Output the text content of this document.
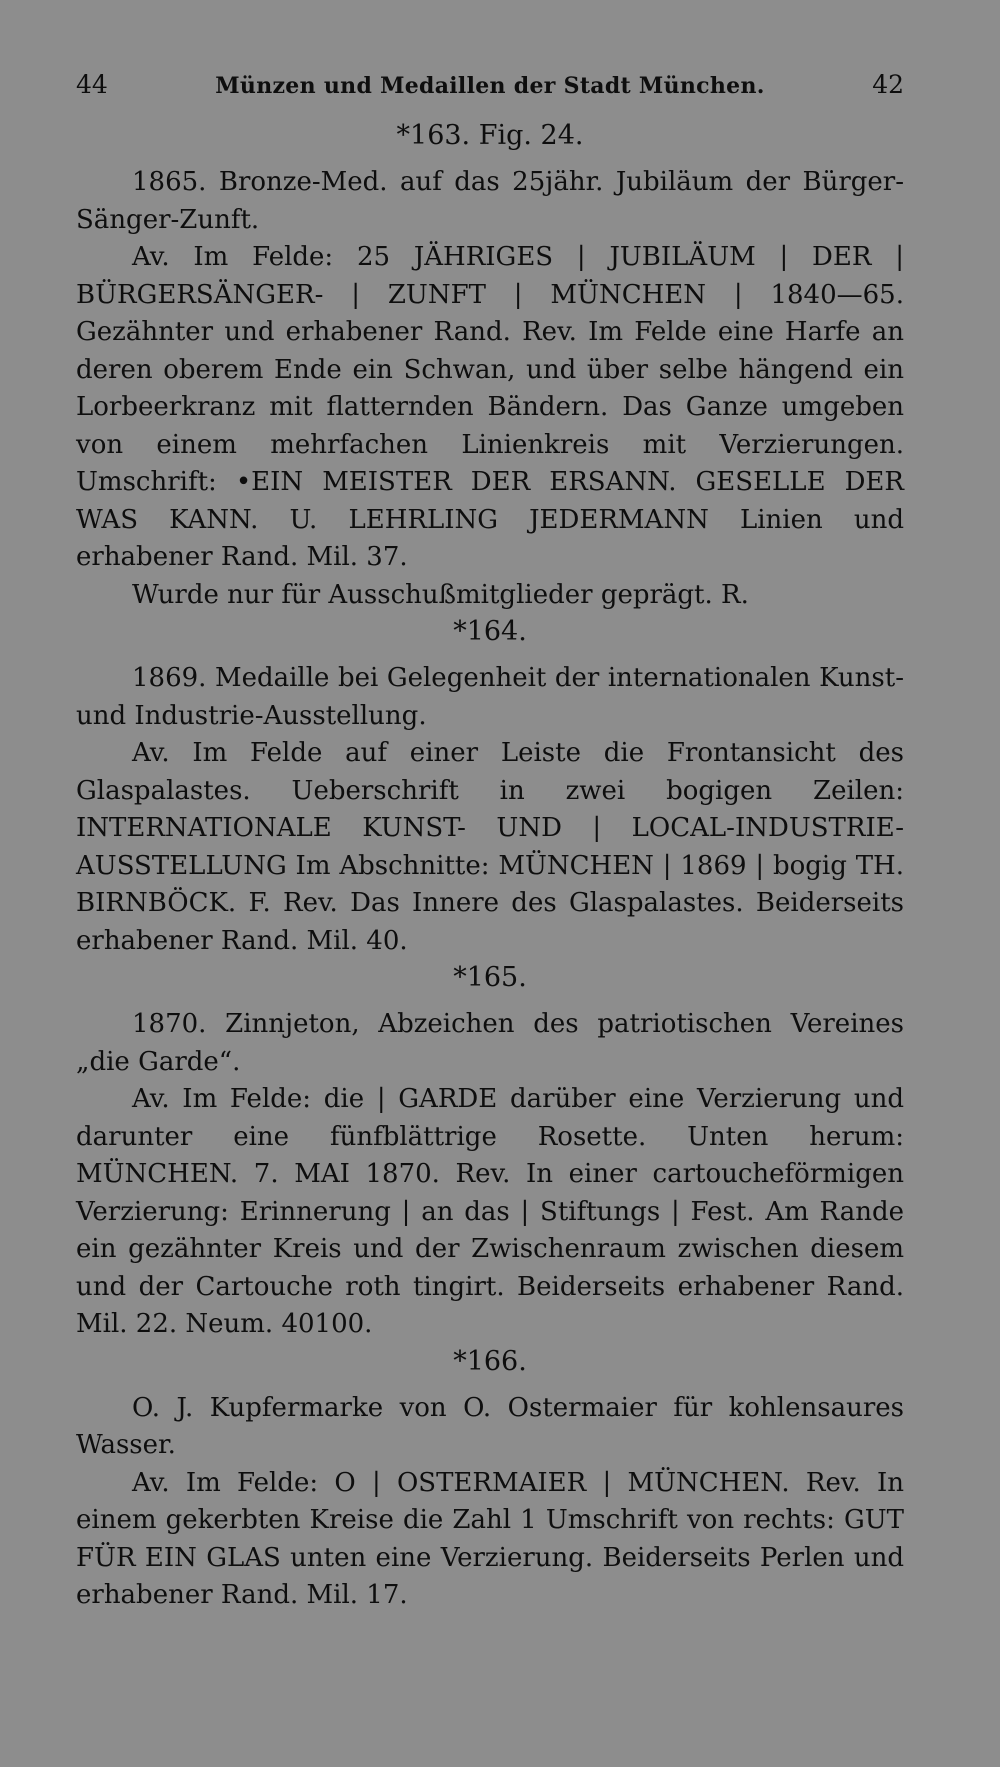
44	Münzen und Medaillen der Stadt München.	42
*163. Fig. 24.

1865. Bronze-Med. auf das 25jähr. Jubiläum der Bürger-Sänger-Zunft.

Av. Im Felde: 25 JÄHRIGES | JUBILÄUM | DER | BÜRGERSÄNGER- | ZUNFT | MÜNCHEN | 1840—65. Gezähnter und erhabener Rand. Rev. Im Felde eine Harfe an deren oberem Ende ein Schwan, und über selbe hängend ein Lorbeerkranz mit flatternden Bändern. Das Ganze umgeben von einem mehrfachen Linienkreis mit Verzierungen. Umschrift: •EIN MEISTER DER ERSANN. GESELLE DER WAS KANN. U. LEHRLING JEDERMANN Linien und erhabener Rand. Mil. 37.

Wurde nur für Ausschußmitglieder geprägt. R.

*164.

1869. Medaille bei Gelegenheit der internationalen Kunst- und Industrie-Ausstellung.

Av. Im Felde auf einer Leiste die Frontansicht des Glaspalastes. Ueberschrift in zwei bogigen Zeilen: INTERNATIONALE KUNST- UND | LOCAL-INDUSTRIE-AUSSTELLUNG Im Abschnitte: MÜNCHEN | 1869 | bogig TH. BIRNBÖCK. F. Rev. Das Innere des Glaspalastes. Beiderseits erhabener Rand. Mil. 40.

*165.

1870. Zinnjeton, Abzeichen des patriotischen Vereines „die Garde“.

Av. Im Felde: die | GARDE darüber eine Verzierung und darunter eine fünfblättrige Rosette. Unten herum: MÜNCHEN. 7. MAI 1870. Rev. In einer cartoucheförmigen Verzierung: Erinnerung | an das | Stiftungs | Fest. Am Rande ein gezähnter Kreis und der Zwischenraum zwischen diesem und der Cartouche roth tingirt. Beiderseits erhabener Rand. Mil. 22. Neum. 40100.

*166.

O. J. Kupfermarke von O. Ostermaier für kohlensaures Wasser.

Av. Im Felde: O | OSTERMAIER | MÜNCHEN. Rev. In einem gekerbten Kreise die Zahl 1 Umschrift von rechts: GUT FÜR EIN GLAS unten eine Verzierung. Beiderseits Perlen und erhabener Rand. Mil. 17.
